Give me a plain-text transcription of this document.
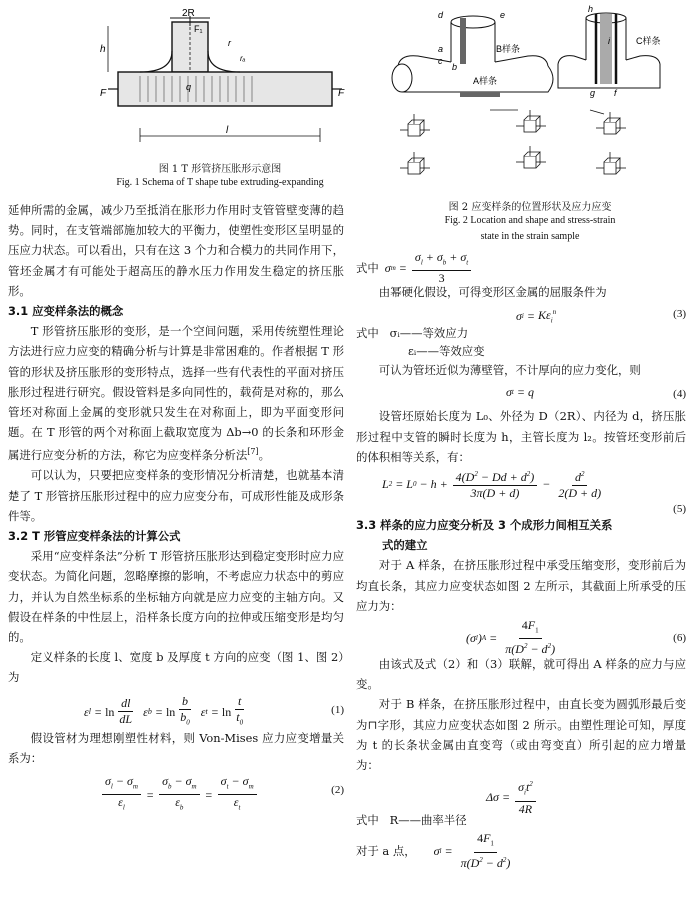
2R
F₁
r
rₐ
q
h
F	F
l
图 1 T 形管挤压胀形示意图
Fig. 1 Schema of T shape tube extruding-expanding
d	e
a
c
b
B样条
A样条
h
i	C样条
g f
图 2 应变样条的位置形状及应力应变
Fig. 2 Location and shape and stress-strain
state in the strain sample

延伸所需的金属，减少乃至抵消在胀形力作用时支管管壁变薄的趋势。同时，在支管端部施加较大的平衡力，使塑性变形区呈明显的压应力状态。可以看出，只有在这 3 个力和合模力的共同作用下，管坯金属才有可能处于超高压的静水压力作用发生稳定的挤压胀形。

3.1 应变样条法的概念

T 形管挤压胀形的变形，是一个空间问题，采用传统塑性理论方法进行应力应变的精确分析与计算是非常困难的。作者根据 T 形管的形状及挤压胀形的变形特点，选择一些有代表性的平面对挤压胀形过程进行研究。假设管料是多向同性的，载荷是对称的，那么管坯对称面上金属的变形就只发生在对称面上，即为平面变形问题。在 T 形管的两个对称面上截取宽度为 Δb→0 的长条和环形金属进行应变分析的方法，称它为应变样条分析法[7]。

可以认为，只要把应变样条的变形情况分析清楚，也就基本清楚了 T 形管挤压胀形过程中的应力应变分布，可成形性能及成形条件等。

3.2 T 形管应变样条法的计算公式

采用“应变样条法”分析 T 形管挤压胀形达到稳定变形时应力应变状态。为简化问题，忽略摩擦的影响，不考虑应力状态中的剪应力，并认为自然坐标系的坐标轴方向就是应力应变的主轴方向。又假设在样条的中性层上，沿样条长度方向的拉伸或压缩变形是均匀的。

定义样条的长度 l、宽度 b 及厚度 t 方向的应变（图 1、图 2）为

ε $l = \ln \frac{dl}{dL}$
ε $b = \ln \frac{b}{b_0}$
ε $t = \ln \frac{t}{t_0}$	(1)

假设管材为理想刚塑性材料，则 Von-Mises 应力应变增量关系为：

$\frac{\sigma_l - \sigma_m}{\varepsilon_l} = \frac{\sigma_b - \sigma_m}{\varepsilon_b} = \frac{\sigma_t - \sigma_m}{\varepsilon_t}$	(2)
式中 σ $m = \frac{\sigma_l + \sigma_b + \sigma_t}{3}$

由幂硬化假设，可得变形区金属的屈服条件为

σ $i = K\varepsilon_i^n$	(3)
式中 σᵢ——等效应力
εᵢ——等效应变

可认为管坯近似为薄壁管，不计厚向的应力变化，则

σ t = q	(4)

设管坯原始长度为 L₀、外径为 D（2R）、内径为 d，挤压胀形过程中支管的瞬时长度为 h，主管长度为 l₂。按管坯变形前后的体积相等关系，有：

L 2 = L $0 - h + \frac{4(D^2 - Dd + d^2)}{3\pi(D + d)} - \frac{d^2}{2(D + d)}$
(5)
3.3 样条的应力应变分析及 3 个成形力间相互关系
式的建立

对于 A 样条，在挤压胀形过程中承受压缩变形，变形前后为均直长条，其应力应变状态如图 2 左所示，其截面上所承受的压应力为：

(σ l ) $A = \frac{4F_1}{\pi(D^2 - d^2)}$	(6)

由该式及式（2）和（3）联解，就可得出 A 样条的应力与应变。

对于 B 样条，在挤压胀形过程中，由直长变为圆弧形最后变为⊓字形，其应力应变状态如图 2 所示。由塑性理论可知，厚度为 t 的长条状金属由直变弯（或由弯变直）所引起的应力增量为：

$\Delta\sigma = \frac{\sigma_it^2}{4R}$
式中 R——曲率半径
对于 a 点， σ $l = \frac{4F_1}{\pi(D^2 - d^2)}$
